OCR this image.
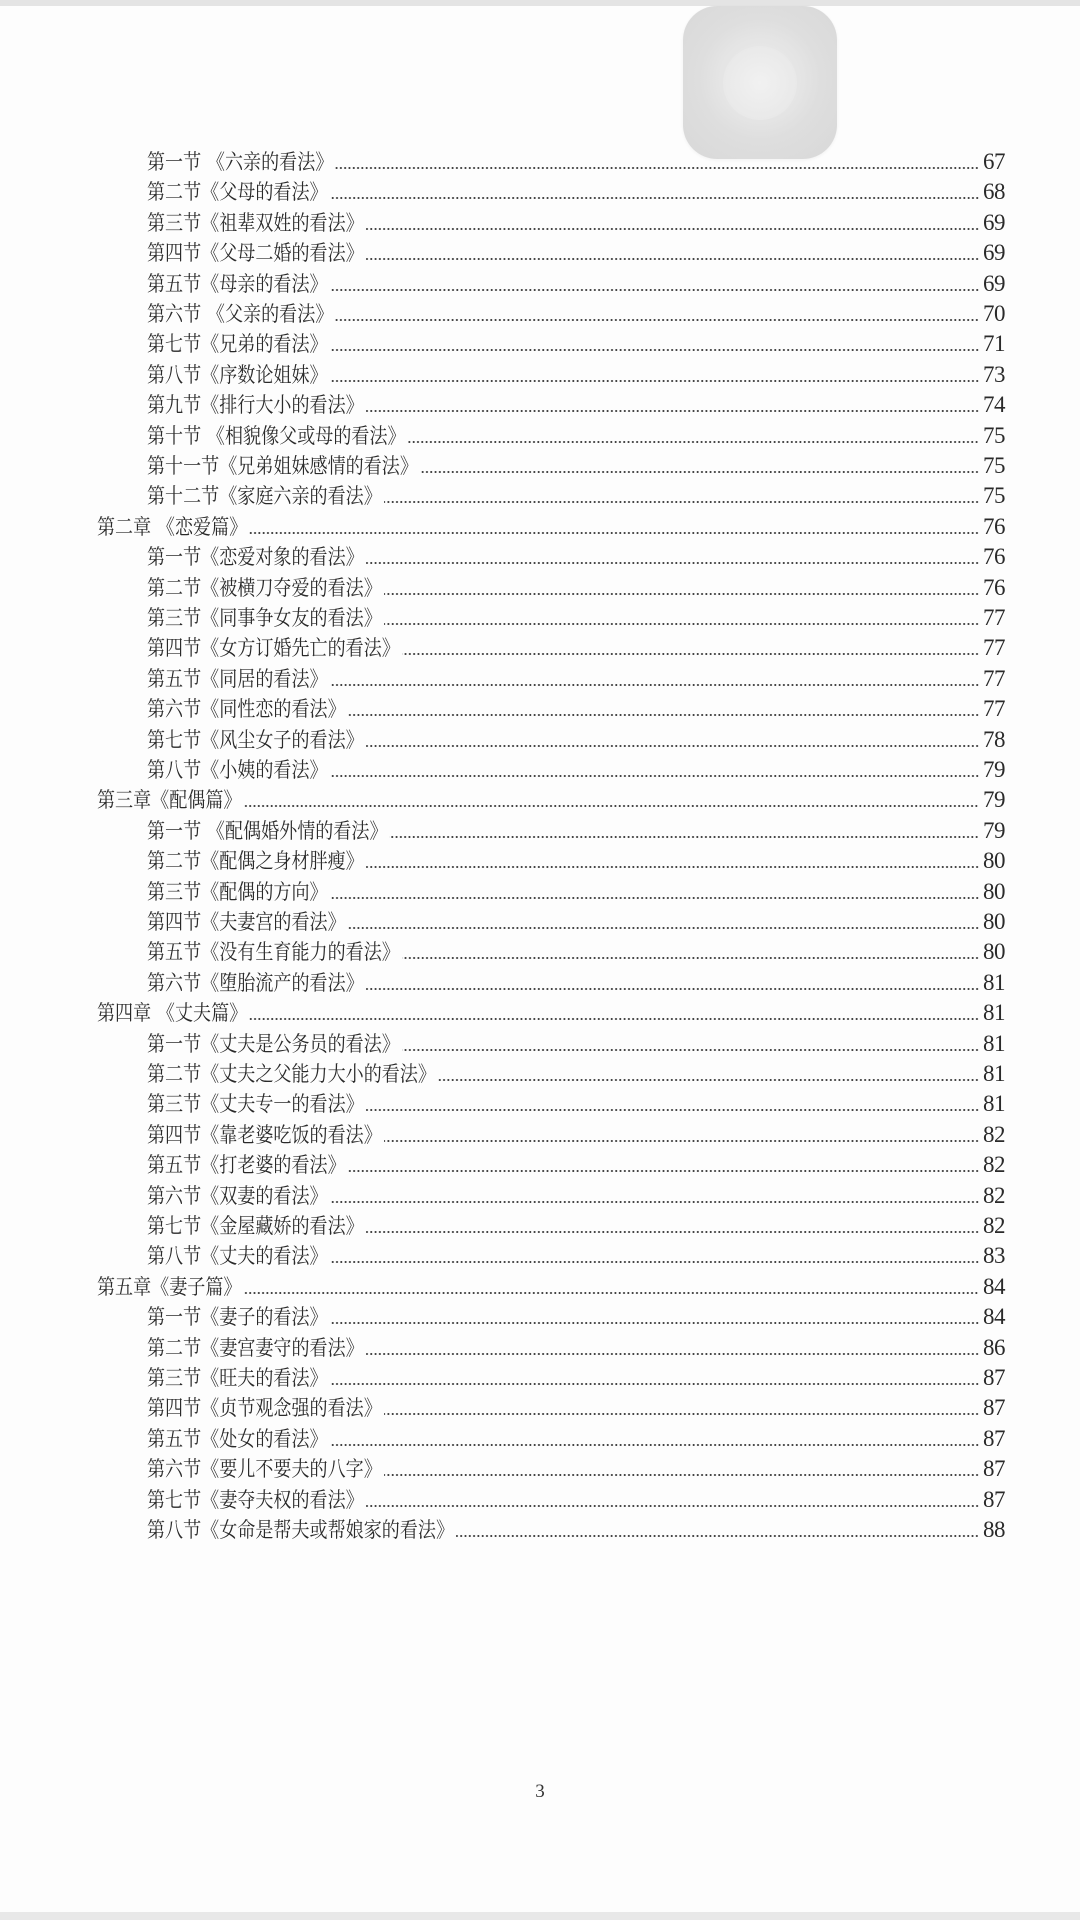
第一节 《六亲的看法》	67
第二节《父母的看法》	68
第三节《祖辈双姓的看法》	69
第四节《父母二婚的看法》	69
第五节《母亲的看法》	69
第六节 《父亲的看法》	70
第七节《兄弟的看法》	71
第八节《序数论姐妹》	73
第九节《排行大小的看法》	74
第十节 《相貌像父或母的看法》	75
第十一节《兄弟姐妹感情的看法》	75
第十二节《家庭六亲的看法》	75
第二章 《恋爱篇》	76
第一节《恋爱对象的看法》	76
第二节《被横刀夺爱的看法》	76
第三节《同事争女友的看法》	77
第四节《女方订婚先亡的看法》	77
第五节《同居的看法》	77
第六节《同性恋的看法》	77
第七节《风尘女子的看法》	78
第八节《小姨的看法》	79
第三章《配偶篇》	79
第一节 《配偶婚外情的看法》	79
第二节《配偶之身材胖瘦》	80
第三节《配偶的方向》	80
第四节《夫妻宫的看法》	80
第五节《没有生育能力的看法》	80
第六节《堕胎流产的看法》	81
第四章 《丈夫篇》	81
第一节《丈夫是公务员的看法》	81
第二节《丈夫之父能力大小的看法》	81
第三节《丈夫专一的看法》	81
第四节《靠老婆吃饭的看法》	82
第五节《打老婆的看法》	82
第六节《双妻的看法》	82
第七节《金屋藏娇的看法》	82
第八节《丈夫的看法》	83
第五章《妻子篇》	84
第一节《妻子的看法》	84
第二节《妻宫妻守的看法》	86
第三节《旺夫的看法》	87
第四节《贞节观念强的看法》	87
第五节《处女的看法》	87
第六节《要儿不要夫的八字》	87
第七节《妻夺夫权的看法》	87
第八节《女命是帮夫或帮娘家的看法》	88
3
